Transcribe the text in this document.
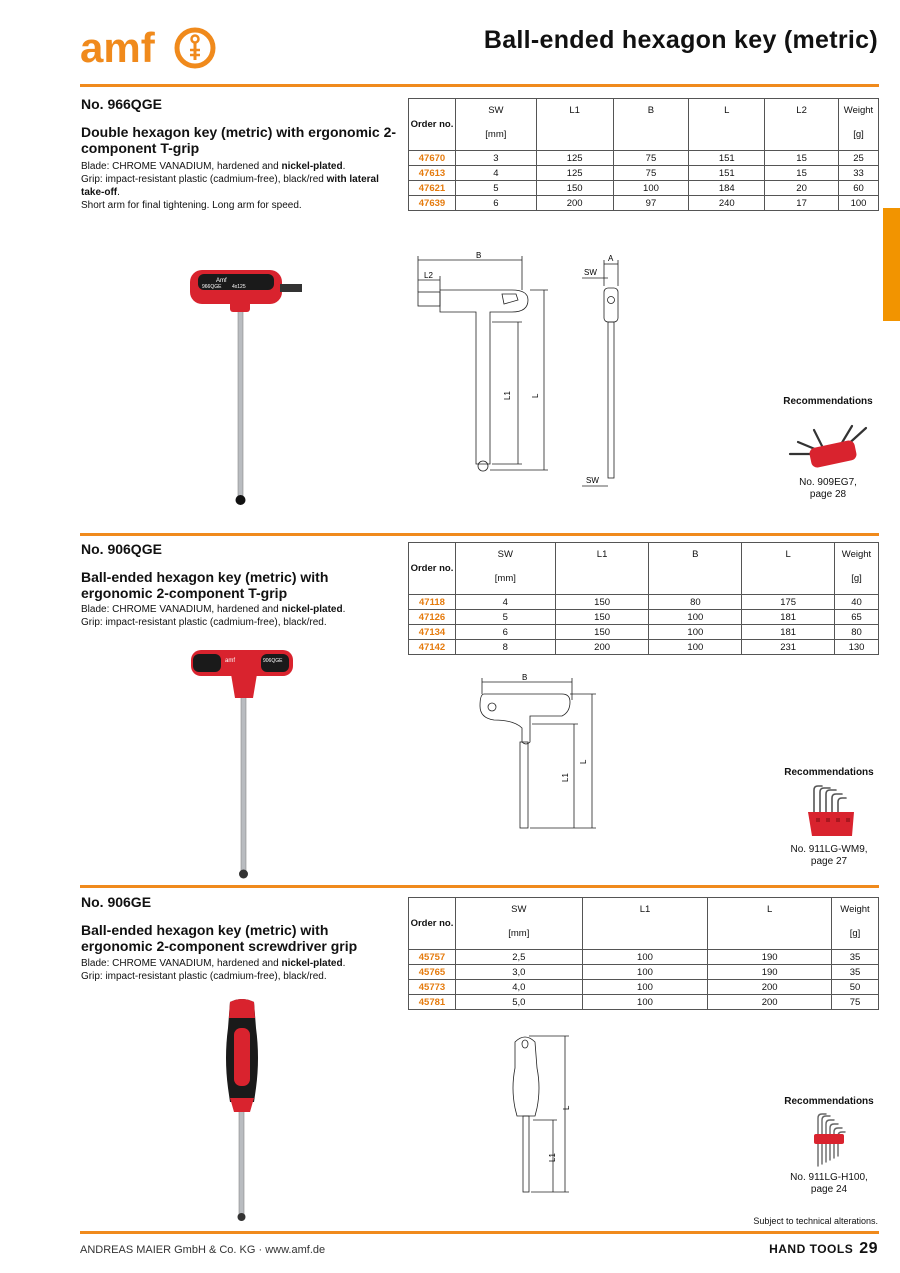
amf	Ball-ended hexagon key (metric)
No. 966QGE
Double hexagon key (metric) with ergonomic 2-component T-grip
Blade: CHROME VANADIUM, hardened and nickel-plated.
Grip: impact-resistant plastic (cadmium-free), black/red with lateral take-off.
Short arm for final tightening. Long arm for speed.
Order no.	SW
[mm]	L1	B	L	L2	Weight
[g]

47670	3	125	75	151	15	25
47613	4	125	75	151	15	33
47621	5	150	100	184	20	60
47639	6	200	97	240	17	100
Amf
966QGE 4x125
B
L2
L1 L
A
SW
SW
Recommendations
No. 909EG7,
page 28
No. 906QGE
Ball-ended hexagon key (metric) with ergonomic 2-component T-grip
Blade: CHROME VANADIUM, hardened and nickel-plated.
Grip: impact-resistant plastic (cadmium-free), black/red.
Order no.	SW
[mm]	L1	B	L	Weight
[g]

47118	4	150	80	175	40
47126	5	150	100	181	65
47134	6	150	100	181	80
47142	8	200	100	231	130
amf	906QGE
B
L1
L
Recommendations
No. 911LG-WM9,
page 27
No. 906GE
Ball-ended hexagon key (metric) with ergonomic 2-component screwdriver grip
Blade: CHROME VANADIUM, hardened and nickel-plated.
Grip: impact-resistant plastic (cadmium-free), black/red.
Order no.	SW
[mm]	L1	L	Weight
[g]

45757	2,5	100	190	35
45765	3,0	100	190	35
45773	4,0	100	200	50
45781	5,0	100	200	75
L
L1
Recommendations
No. 911LG-H100,
page 24
Subject to technical alterations.
ANDREAS MAIER GmbH & Co. KG · www.amf.de	HAND TOOLS 29
